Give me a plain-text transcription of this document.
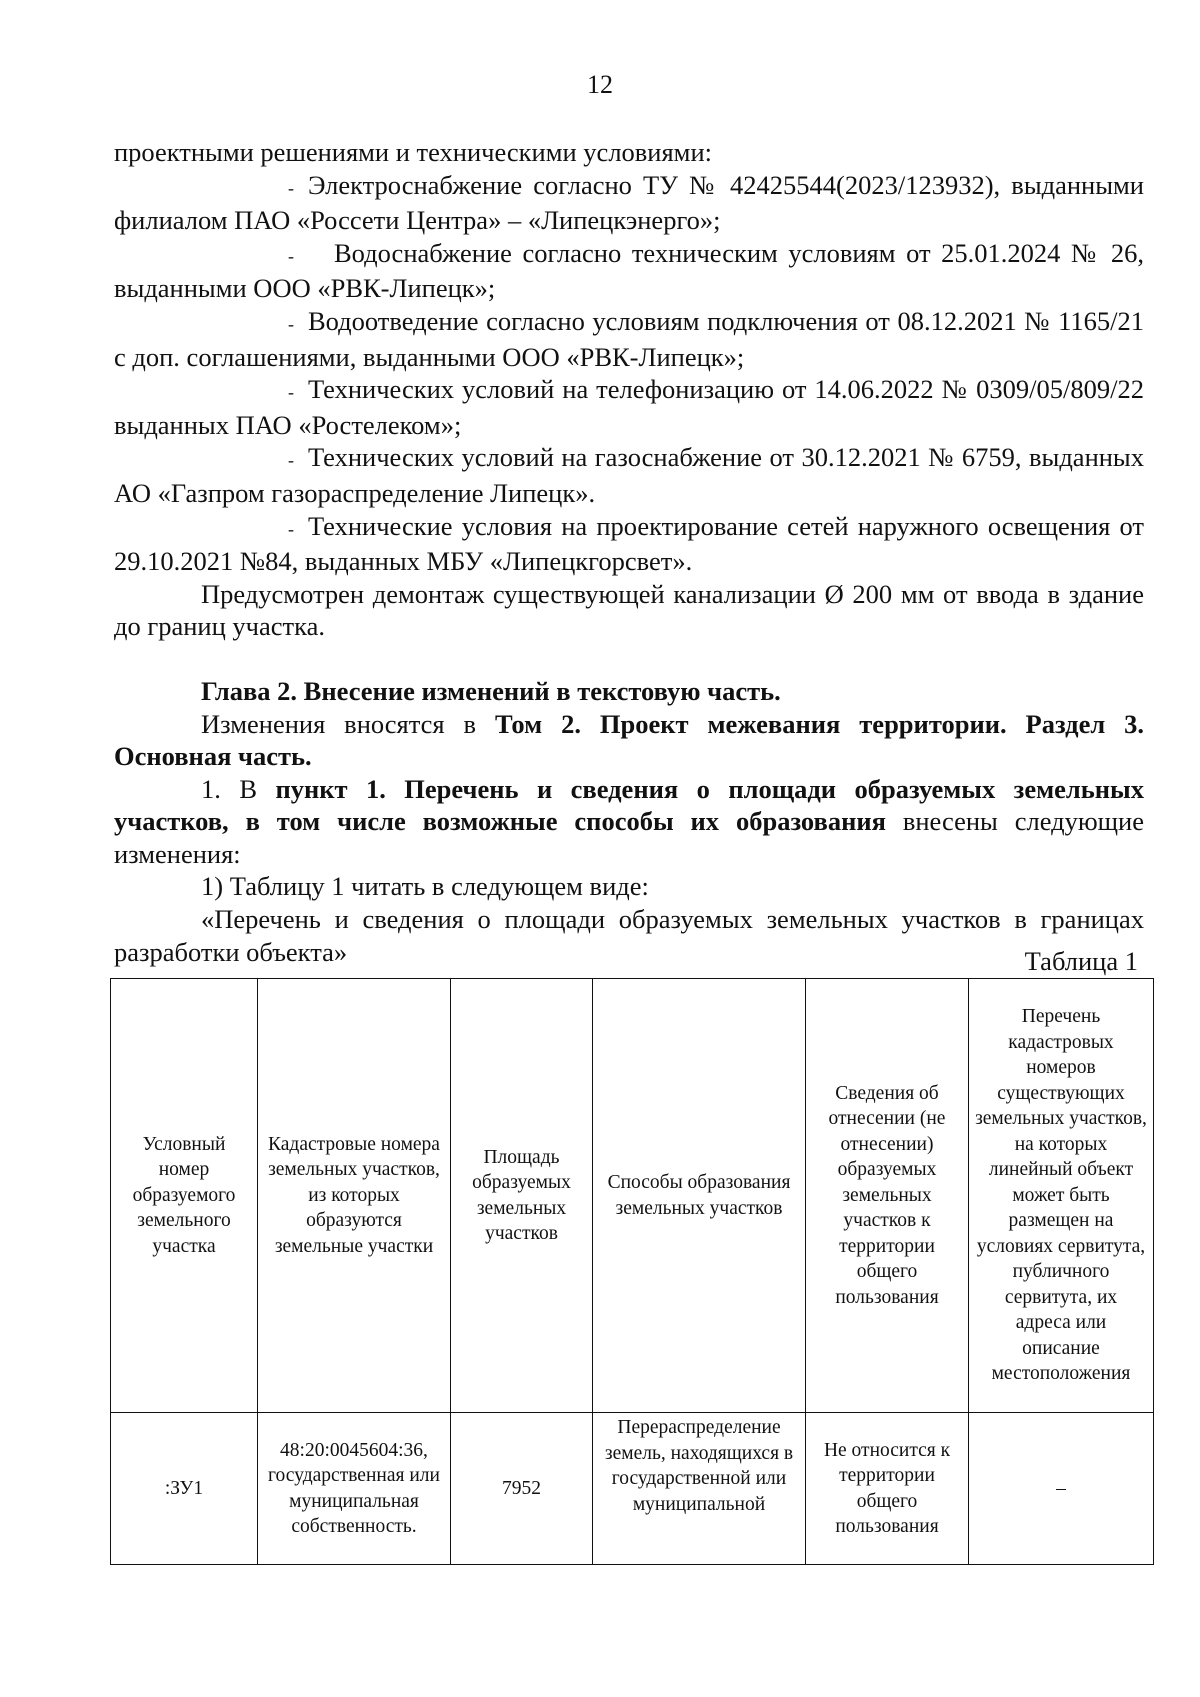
12

проектными решениями и техническими условиями:

- Электроснабжение согласно ТУ № 42425544(2023/123932), выданными филиалом ПАО «Россети Центра» – «Липецкэнерго»;

- Водоснабжение согласно техническим условиям от 25.01.2024 № 26, выданными ООО «РВК-Липецк»;

- Водоотведение согласно условиям подключения от 08.12.2021 № 1165/21 с доп. соглашениями, выданными ООО «РВК-Липецк»;

- Технических условий на телефонизацию от 14.06.2022 № 0309/05/809/22 выданных ПАО «Ростелеком»;

- Технических условий на газоснабжение от 30.12.2021 № 6759, выданных АО «Газпром газораспределение Липецк».

- Технические условия на проектирование сетей наружного освещения от 29.10.2021 №84, выданных МБУ «Липецкгорсвет».

Предусмотрен демонтаж существующей канализации Ø 200 мм от ввода в здание до границ участка.

Глава 2. Внесение изменений в текстовую часть.

Изменения вносятся в Том 2. Проект межевания территории. Раздел 3. Основная часть.

1. В пункт 1. Перечень и сведения о площади образуемых земельных участков, в том числе возможные способы их образования внесены следующие изменения:

1) Таблицу 1 читать в следующем виде:

«Перечень и сведения о площади образуемых земельных участков в границах разработки объекта»	Таблица 1
Условный номер образуемого земельного участка	Кадастровые номера земельных участков, из которых образуются земельные участки	Площадь образуемых земельных участков	Способы образования земельных участков	Сведения об отнесении (не отнесении) образуемых земельных участков к территории общего пользования	Перечень кадастровых номеров существующих земельных участков, на которых линейный объект может быть размещен на условиях сервитута, публичного сервитута, их адреса или описание местоположения
:ЗУ1	48:20:0045604:36, государственная или муниципальная собственность.	7952	Перераспределение земель, находящихся в государственной или муниципальной	Не относится к территории общего пользования	–
